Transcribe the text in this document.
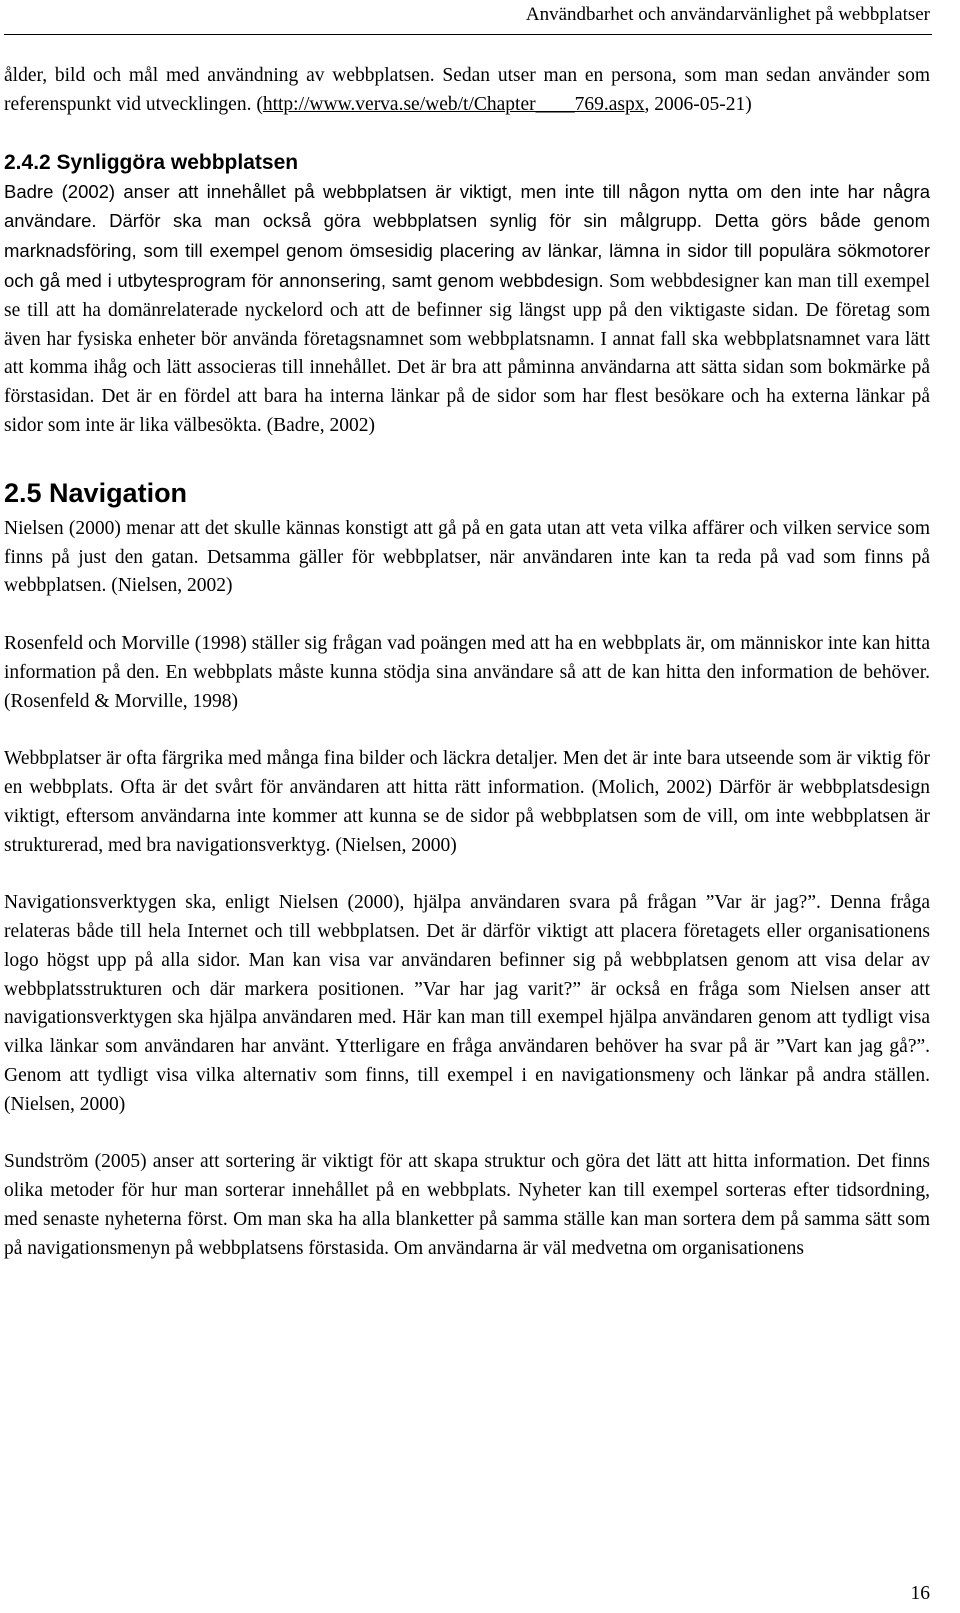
Användbarhet och användarvänlighet på webbplatser

ålder, bild och mål med användning av webbplatsen. Sedan utser man en persona, som man sedan använder som referenspunkt vid utvecklingen. (http://www.verva.se/web/t/Chapter____769.aspx, 2006-05-21)

2.4.2 Synliggöra webbplatsen

Badre (2002) anser att innehållet på webbplatsen är viktigt, men inte till någon nytta om den inte har några användare. Därför ska man också göra webbplatsen synlig för sin målgrupp. Detta görs både genom marknadsföring, som till exempel genom ömsesidig placering av länkar, lämna in sidor till populära sökmotorer och gå med i utbytesprogram för annonsering, samt genom webbdesign. Som webbdesigner kan man till exempel se till att ha domänrelaterade nyckelord och att de befinner sig längst upp på den viktigaste sidan. De företag som även har fysiska enheter bör använda företagsnamnet som webbplatsnamn. I annat fall ska webbplatsnamnet vara lätt att komma ihåg och lätt associeras till innehållet. Det är bra att påminna användarna att sätta sidan som bokmärke på förstasidan. Det är en fördel att bara ha interna länkar på de sidor som har flest besökare och ha externa länkar på sidor som inte är lika välbesökta. (Badre, 2002)

2.5 Navigation

Nielsen (2000) menar att det skulle kännas konstigt att gå på en gata utan att veta vilka affärer och vilken service som finns på just den gatan. Detsamma gäller för webbplatser, när användaren inte kan ta reda på vad som finns på webbplatsen. (Nielsen, 2002)

Rosenfeld och Morville (1998) ställer sig frågan vad poängen med att ha en webbplats är, om människor inte kan hitta information på den. En webbplats måste kunna stödja sina användare så att de kan hitta den information de behöver. (Rosenfeld & Morville, 1998)

Webbplatser är ofta färgrika med många fina bilder och läckra detaljer. Men det är inte bara utseende som är viktig för en webbplats. Ofta är det svårt för användaren att hitta rätt information. (Molich, 2002) Därför är webbplatsdesign viktigt, eftersom användarna inte kommer att kunna se de sidor på webbplatsen som de vill, om inte webbplatsen är strukturerad, med bra navigationsverktyg. (Nielsen, 2000)

Navigationsverktygen ska, enligt Nielsen (2000), hjälpa användaren svara på frågan ”Var är jag?”. Denna fråga relateras både till hela Internet och till webbplatsen. Det är därför viktigt att placera företagets eller organisationens logo högst upp på alla sidor. Man kan visa var användaren befinner sig på webbplatsen genom att visa delar av webbplatsstrukturen och där markera positionen. ”Var har jag varit?” är också en fråga som Nielsen anser att navigationsverktygen ska hjälpa användaren med. Här kan man till exempel hjälpa användaren genom att tydligt visa vilka länkar som användaren har använt. Ytterligare en fråga användaren behöver ha svar på är ”Vart kan jag gå?”. Genom att tydligt visa vilka alternativ som finns, till exempel i en navigationsmeny och länkar på andra ställen. (Nielsen, 2000)

Sundström (2005) anser att sortering är viktigt för att skapa struktur och göra det lätt att hitta information. Det finns olika metoder för hur man sorterar innehållet på en webbplats. Nyheter kan till exempel sorteras efter tidsordning, med senaste nyheterna först. Om man ska ha alla blanketter på samma ställe kan man sortera dem på samma sätt som på navigationsmenyn på webbplatsens förstasida. Om användarna är väl medvetna om organisationens

16
